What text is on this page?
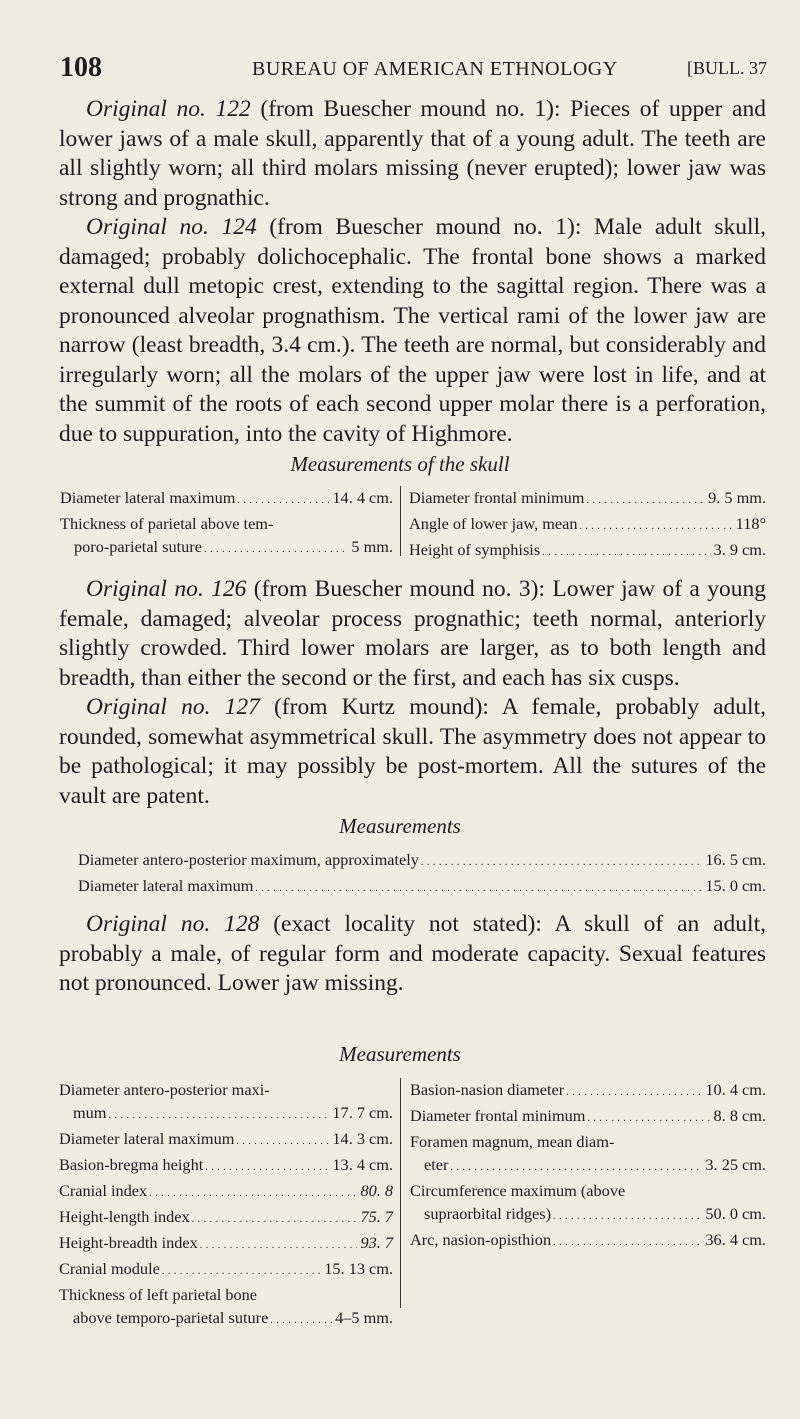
108	BUREAU OF AMERICAN ETHNOLOGY	[BULL. 37

Original no. 122 (from Buescher mound no. 1): Pieces of upper and lower jaws of a male skull, apparently that of a young adult. The teeth are all slightly worn; all third molars missing (never erupted); lower jaw was strong and prognathic.

Original no. 124 (from Buescher mound no. 1): Male adult skull, damaged; probably dolichocephalic. The frontal bone shows a marked external dull metopic crest, extending to the sagittal region. There was a pronounced alveolar prognathism. The vertical rami of the lower jaw are narrow (least breadth, 3.4 cm.). The teeth are normal, but considerably and irregularly worn; all the molars of the upper jaw were lost in life, and at the summit of the roots of each second upper molar there is a perforation, due to suppuration, into the cavity of Highmore.

Measurements of the skull
Diameter lateral maximum . . .	14. 4 cm.
Thickness of parietal above tem-
poro-parietal suture . . .	5 mm.
Diameter frontal minimum . . .	9. 5 mm.
Angle of lower jaw, mean . . .	118°
Height of symphisis . . .	3. 9 cm.

Original no. 126 (from Buescher mound no. 3): Lower jaw of a young female, damaged; alveolar process prognathic; teeth normal, anteriorly slightly crowded. Third lower molars are larger, as to both length and breadth, than either the second or the first, and each has six cusps.

Original no. 127 (from Kurtz mound): A female, probably adult, rounded, somewhat asymmetrical skull. The asymmetry does not appear to be pathological; it may possibly be post-mortem. All the sutures of the vault are patent.

Measurements
Diameter antero-posterior maximum, approximately . . .	16. 5 cm.
Diameter lateral maximum . . .	15. 0 cm.

Original no. 128 (exact locality not stated): A skull of an adult, probably a male, of regular form and moderate capacity. Sexual features not pronounced. Lower jaw missing.

Measurements
Diameter antero-posterior maxi-
mum . . .	17. 7 cm.
Diameter lateral maximum . . .	14. 3 cm.
Basion-bregma height . . .	13. 4 cm.
Cranial index . . .	80. 8
Height-length index . . .	75. 7
Height-breadth index . . .	93. 7
Cranial module . . .	15. 13 cm.
Thickness of left parietal bone
above temporo-parietal suture . . .	4–5 mm.
Basion-nasion diameter . . .	10. 4 cm.
Diameter frontal minimum . . .	8. 8 cm.
Foramen magnum, mean diam-
eter . . .	3. 25 cm.
Circumference maximum (above
supraorbital ridges) . . .	50. 0 cm.
Arc, nasion-opisthion . . .	36. 4 cm.
